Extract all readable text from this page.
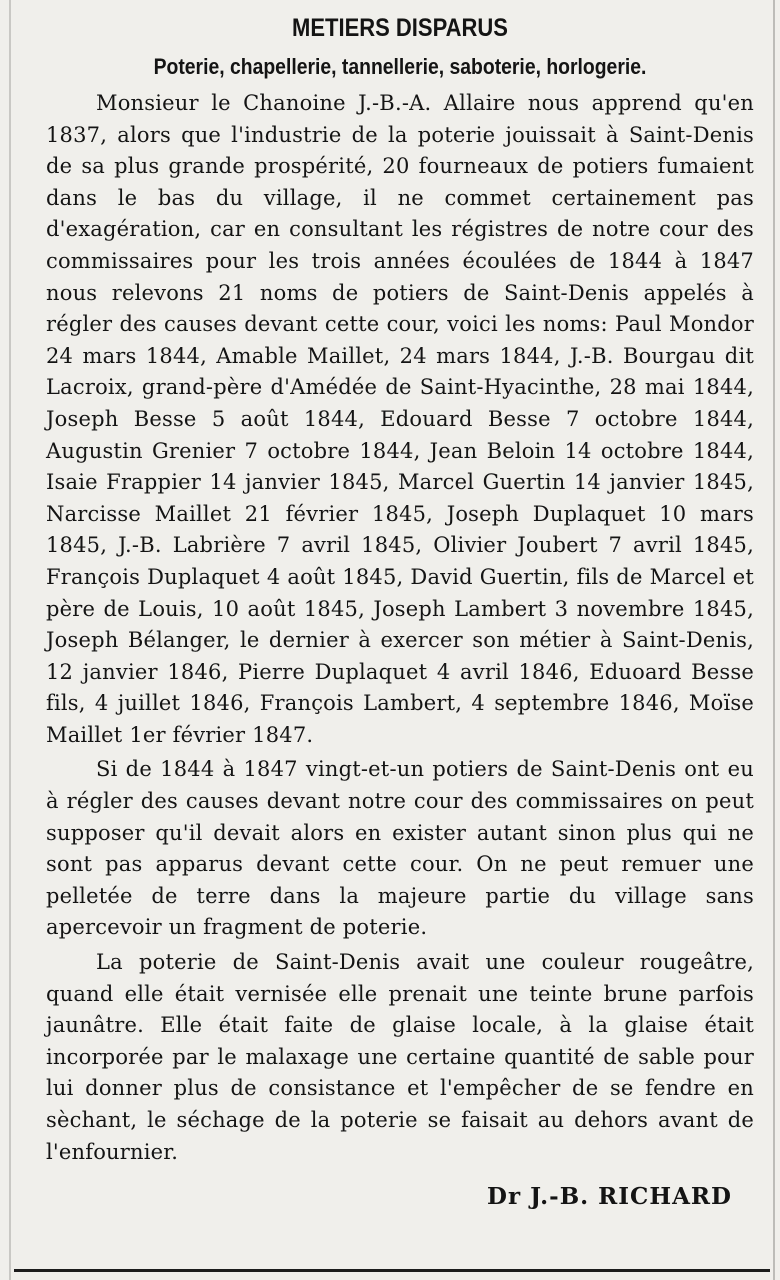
METIERS DISPARUS
Poterie, chapellerie, tannellerie, saboterie, horlogerie.

Monsieur le Chanoine J.-B.-A. Allaire nous apprend qu'en 1837, alors que l'industrie de la poterie jouissait à Saint-Denis de sa plus grande prospérité, 20 fourneaux de potiers fumaient dans le bas du village, il ne commet certainement pas d'exagération, car en consultant les régistres de notre cour des commissaires pour les trois années écoulées de 1844 à 1847 nous relevons 21 noms de potiers de Saint-Denis appelés à régler des causes devant cette cour, voici les noms: Paul Mondor 24 mars 1844, Amable Maillet, 24 mars 1844, J.-B. Bourgau dit Lacroix, grand-père d'Amédée de Saint-Hyacinthe, 28 mai 1844, Joseph Besse 5 août 1844, Edouard Besse 7 octobre 1844, Augustin Grenier 7 octobre 1844, Jean Beloin 14 octobre 1844, Isaie Frappier 14 janvier 1845, Marcel Guertin 14 janvier 1845, Narcisse Maillet 21 février 1845, Joseph Duplaquet 10 mars 1845, J.-B. Labrière 7 avril 1845, Olivier Joubert 7 avril 1845, François Duplaquet 4 août 1845, David Guertin, fils de Marcel et père de Louis, 10 août 1845, Joseph Lambert 3 novembre 1845, Joseph Bélanger, le dernier à exercer son métier à Saint-Denis, 12 janvier 1846, Pierre Duplaquet 4 avril 1846, Eduoard Besse fils, 4 juillet 1846, François Lambert, 4 septembre 1846, Moïse Maillet 1er février 1847.

Si de 1844 à 1847 vingt-et-un potiers de Saint-Denis ont eu à régler des causes devant notre cour des commissaires on peut supposer qu'il devait alors en exister autant sinon plus qui ne sont pas apparus devant cette cour. On ne peut remuer une pelletée de terre dans la majeure partie du village sans apercevoir un fragment de poterie.

La poterie de Saint-Denis avait une couleur rougeâtre, quand elle était vernisée elle prenait une teinte brune parfois jaunâtre. Elle était faite de glaise locale, à la glaise était incorporée par le malaxage une certaine quantité de sable pour lui donner plus de consistance et l'empêcher de se fendre en sèchant, le séchage de la poterie se faisait au dehors avant de l'enfournier.

Dr J.-B. RICHARD
